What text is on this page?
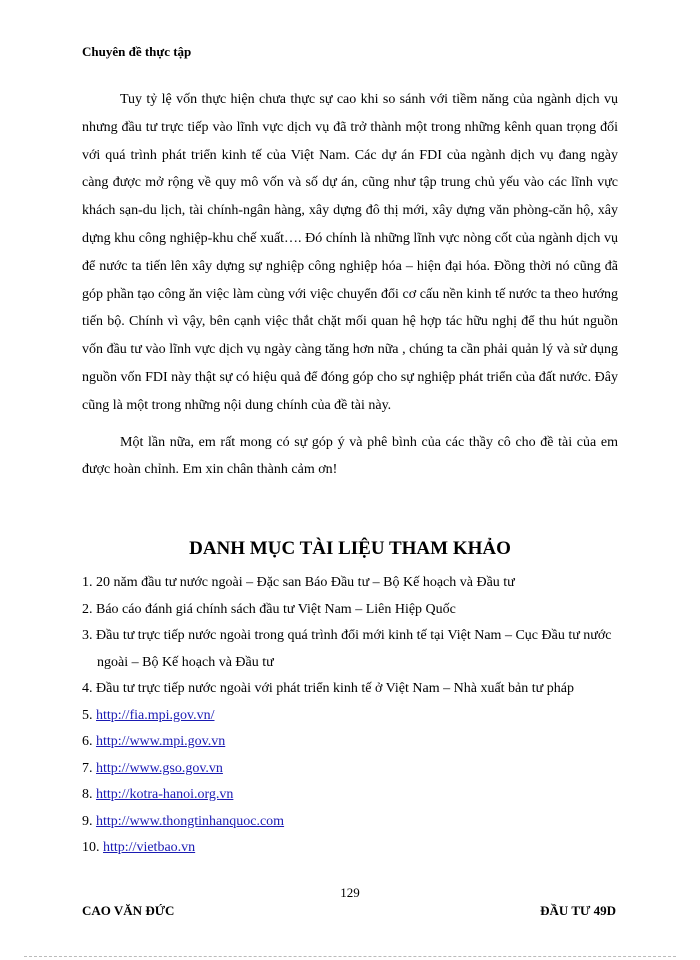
Chuyên đề thực tập

Tuy tỷ lệ vốn thực hiện chưa thực sự cao khi so sánh với tiềm năng của ngành dịch vụ nhưng đầu tư trực tiếp vào lĩnh vực dịch vụ đã trở thành một trong những kênh quan trọng đối với quá trình phát triển kinh tế của Việt Nam. Các dự án FDI của ngành dịch vụ đang ngày càng được mở rộng về quy mô vốn và số dự án, cũng như tập trung chủ yếu vào các lĩnh vực khách sạn-du lịch, tài chính-ngân hàng, xây dựng đô thị mới, xây dựng văn phòng-căn hộ, xây dựng khu công nghiệp-khu chế xuất…. Đó chính là những lĩnh vực nòng cốt của ngành dịch vụ để nước ta tiến lên xây dựng sự nghiệp công nghiệp hóa – hiện đại hóa. Đồng thời nó cũng đã góp phần tạo công ăn việc làm cùng với việc chuyển đổi cơ cấu nền kinh tế nước ta theo hướng tiến bộ. Chính vì vậy, bên cạnh việc thắt chặt mối quan hệ hợp tác hữu nghị để thu hút nguồn vốn đầu tư vào lĩnh vực dịch vụ ngày càng tăng hơn nữa , chúng ta cần phải quản lý và sử dụng nguồn vốn FDI này thật sự có hiệu quả để đóng góp cho sự nghiệp phát triển của đất nước. Đây cũng là một trong những nội dung chính của đề tài này.

Một lần nữa, em rất mong có sự góp ý và phê bình của các thầy cô cho đề tài của em được hoàn chỉnh. Em xin chân thành cảm ơn!

DANH MỤC TÀI LIỆU THAM KHẢO
1. 20 năm đầu tư nước ngoài – Đặc san Báo Đầu tư – Bộ Kế hoạch và Đầu tư
2. Báo cáo đánh giá chính sách đầu tư Việt Nam – Liên Hiệp Quốc
3. Đầu tư trực tiếp nước ngoài trong quá trình đổi mới kinh tế tại Việt Nam – Cục Đầu tư nước ngoài – Bộ Kế hoạch và Đầu tư
4. Đầu tư trực tiếp nước ngoài với phát triển kinh tế ở Việt Nam – Nhà xuất bản tư pháp
5. http://fia.mpi.gov.vn/
6. http://www.mpi.gov.vn
7. http://www.gso.gov.vn
8. http://kotra-hanoi.org.vn
9. http://www.thongtinhanquoc.com
10. http://vietbao.vn
129
CAO VĂN ĐỨC	ĐẦU TƯ 49D
